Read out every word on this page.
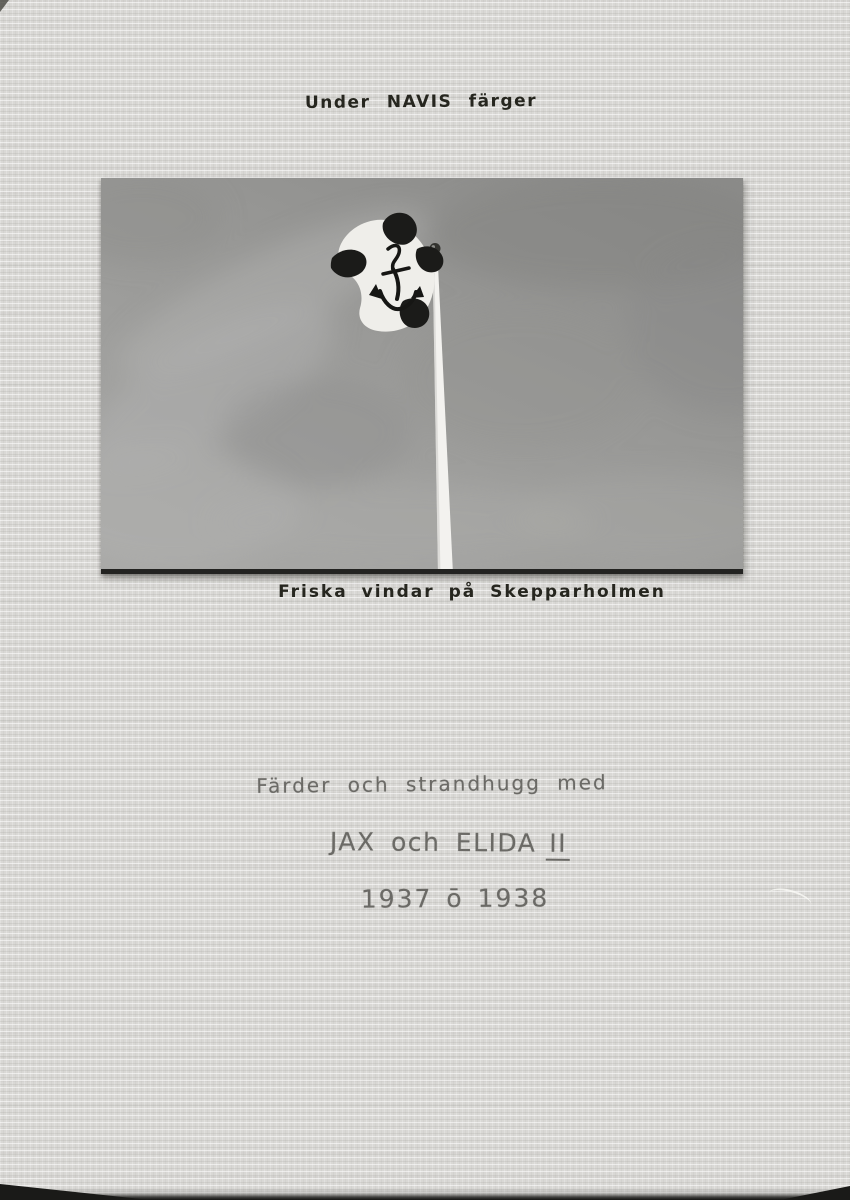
Under NAVIS färger
Friska vindar på Skepparholmen
Färder och strandhugg med
JAX och ELIDA II
1937 ō 1938
